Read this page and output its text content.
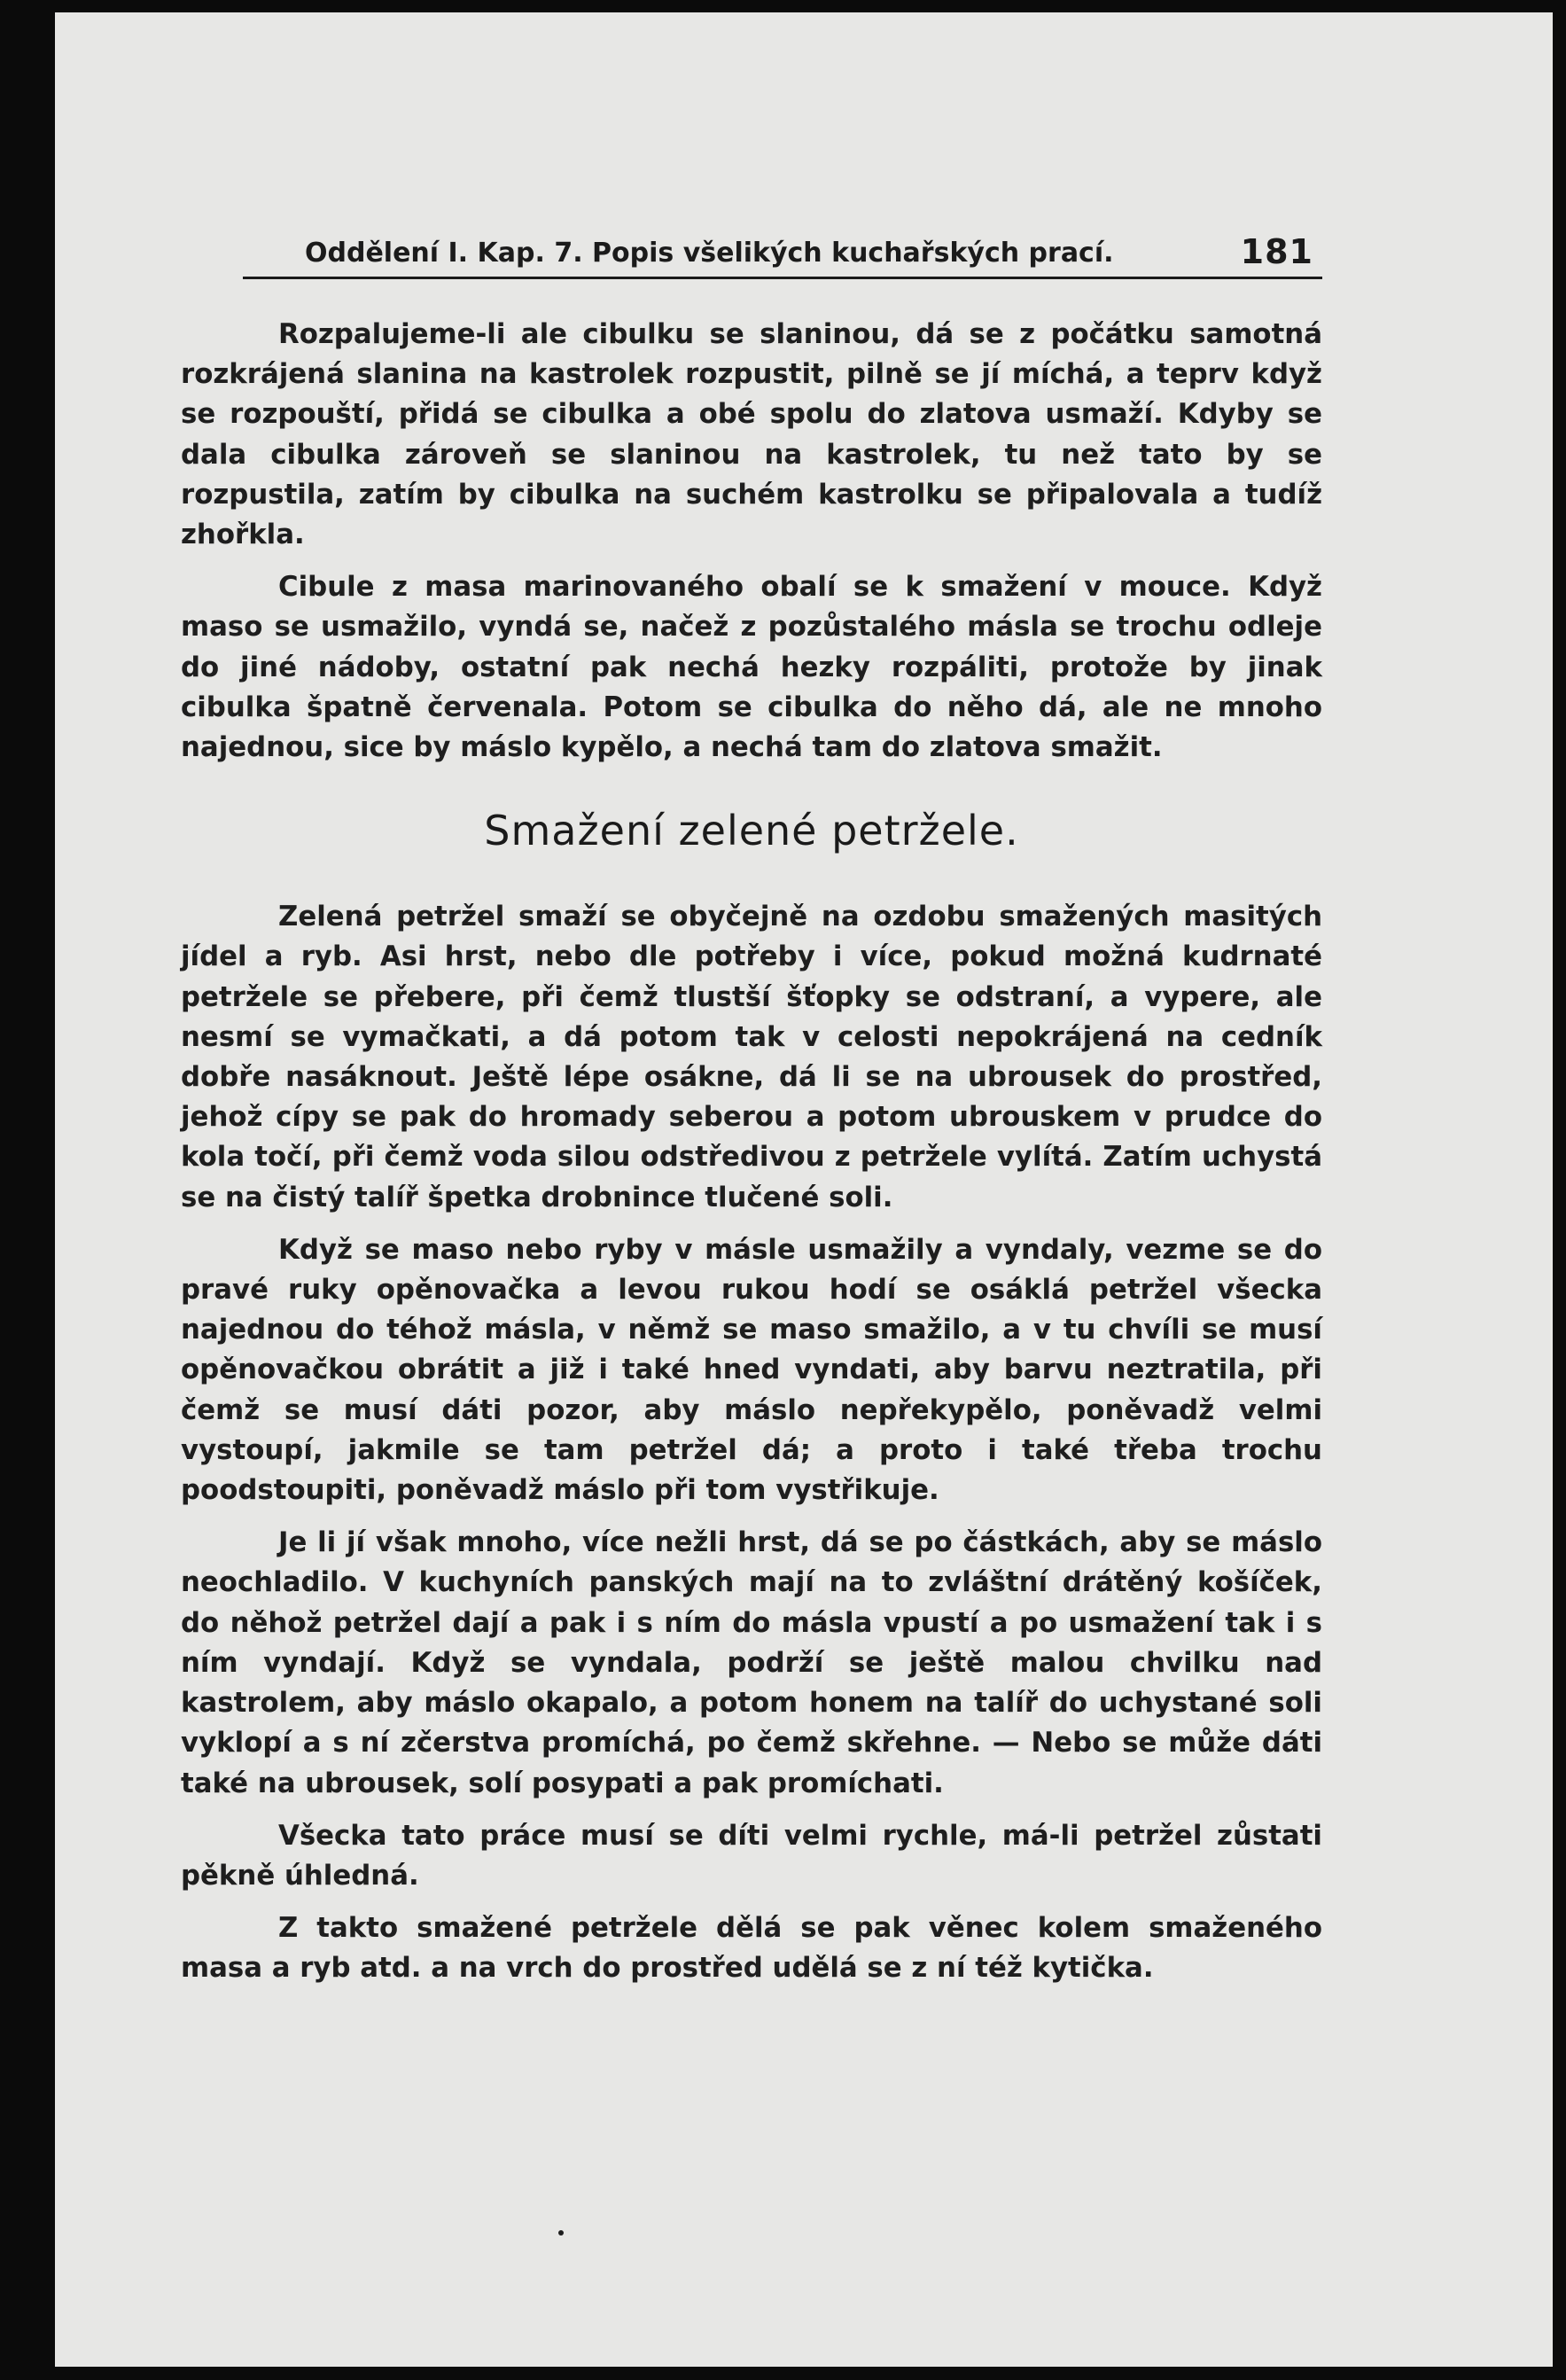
Oddělení I. Kap. 7. Popis všelikých kuchařských prací.	181

Rozpalujeme-li ale cibulku se slaninou, dá se z počátku samotná rozkrájená slanina na kastrolek rozpustit, pilně se jí míchá, a teprv když se rozpouští, přidá se cibulka a obé spolu do zlatova usmaží. Kdyby se dala cibulka zároveň se slaninou na kastrolek, tu než tato by se rozpustila, zatím by cibulka na suchém kastrolku se připalovala a tudíž zhořkla.

Cibule z masa marinovaného obalí se k smažení v mouce. Když maso se usmažilo, vyndá se, načež z pozůstalého másla se trochu odleje do jiné nádoby, ostatní pak nechá hezky rozpáliti, protože by jinak cibulka špatně červenala. Potom se cibulka do něho dá, ale ne mnoho najednou, sice by máslo kypělo, a nechá tam do zlatova smažit.

Smažení zelené petržele.

Zelená petržel smaží se obyčejně na ozdobu smažených masitých jídel a ryb. Asi hrst, nebo dle potřeby i více, pokud možná kudrnaté petržele se přebere, při čemž tlustší šťopky se odstraní, a vypere, ale nesmí se vymačkati, a dá potom tak v celosti nepokrájená na cedník dobře nasáknout. Ještě lépe osákne, dá li se na ubrousek do prostřed, jehož cípy se pak do hromady seberou a potom ubrouskem v prudce do kola točí, při čemž voda silou odstředivou z petržele vylítá. Zatím uchystá se na čistý talíř špetka drobnince tlučené soli.

Když se maso nebo ryby v másle usmažily a vyndaly, vezme se do pravé ruky opěnovačka a levou rukou hodí se osáklá petržel všecka najednou do téhož másla, v němž se maso smažilo, a v tu chvíli se musí opěnovačkou obrátit a již i také hned vyndati, aby barvu neztratila, při čemž se musí dáti pozor, aby máslo nepřekypělo, poněvadž velmi vystoupí, jakmile se tam petržel dá; a proto i také třeba trochu poodstoupiti, poněvadž máslo při tom vystřikuje.

Je li jí však mnoho, více nežli hrst, dá se po částkách, aby se máslo neochladilo. V kuchyních panských mají na to zvláštní drátěný košíček, do něhož petržel dají a pak i s ním do másla vpustí a po usmažení tak i s ním vyndají. Když se vyndala, podrží se ještě malou chvilku nad kastrolem, aby máslo okapalo, a potom honem na talíř do uchystané soli vyklopí a s ní zčerstva promíchá, po čemž skřehne. — Nebo se může dáti také na ubrousek, solí posypati a pak promíchati.

Všecka tato práce musí se díti velmi rychle, má-li petržel zůstati pěkně úhledná.

Z takto smažené petržele dělá se pak věnec kolem smaženého masa a ryb atd. a na vrch do prostřed udělá se z ní též kytička.
